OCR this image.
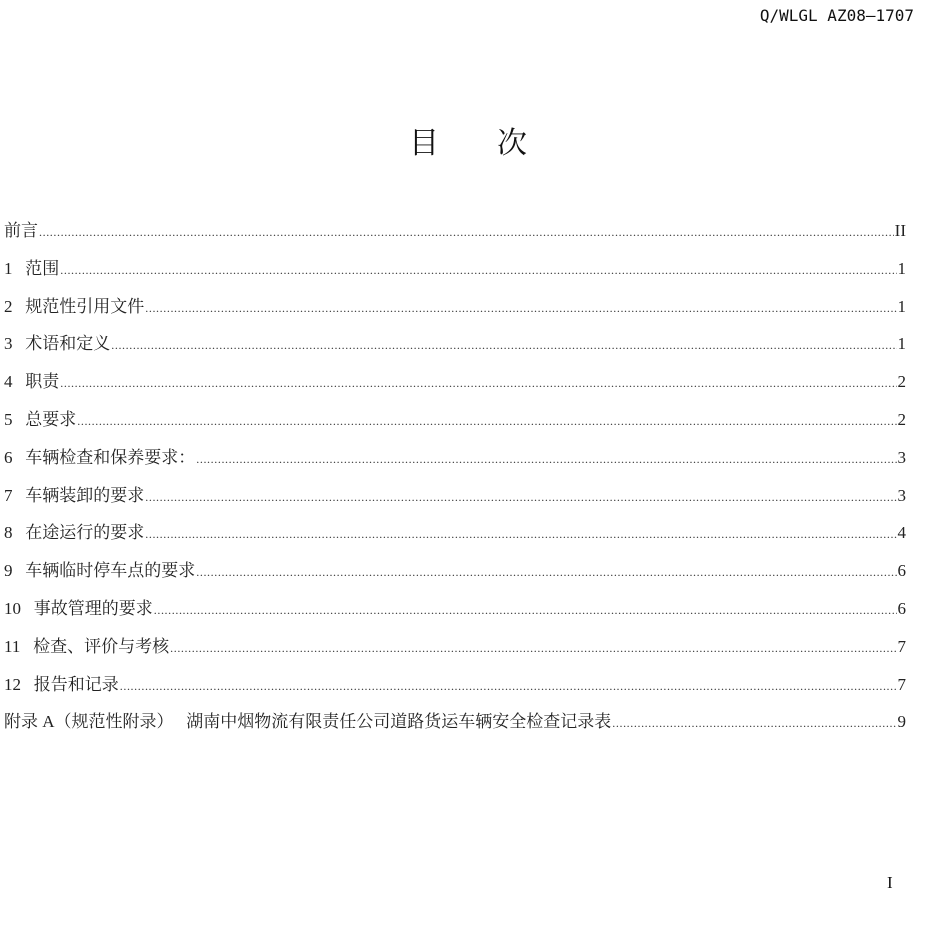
Q/WLGL AZ08—1707
目 次
前言 .....	II
1 范围 .....	1
2 规范性引用文件 .....	1
3 术语和定义 .....	1
4 职责 .....	2
5 总要求 .....	2
6 车辆检查和保养要求： .....	3
7 车辆装卸的要求 .....	3
8 在途运行的要求 .....	4
9 车辆临时停车点的要求 .....	6
10 事故管理的要求 .....	6
11 检查、评价与考核 .....	7
12 报告和记录 .....	7
附录 A（规范性附录）   湖南中烟物流有限责任公司道路货运车辆安全检查记录表 .....	9
I
